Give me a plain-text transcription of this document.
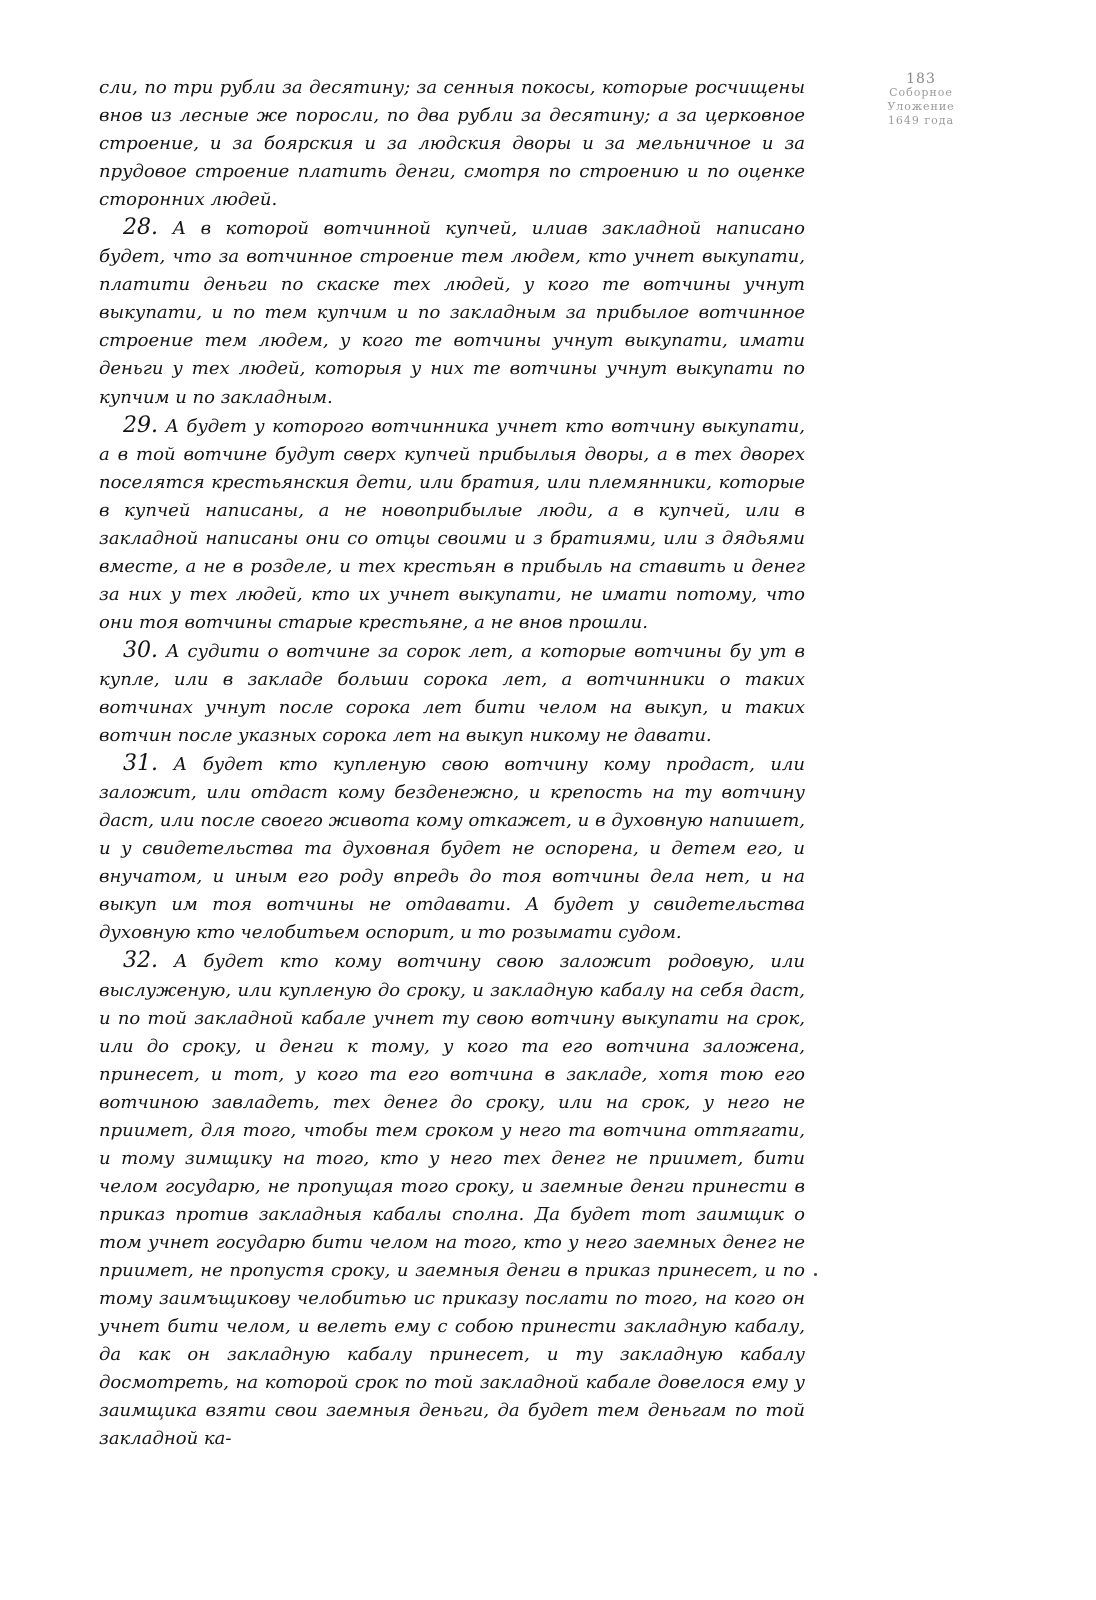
183
Соборное
Уложение
1649 года

сли, по три рубли за десятину; за сенныя покосы, которые росчищены внов из лесные же поросли, по два рубли за десятину; а за церковное строение, и за боярския и за людския дворы и за мельничное и за прудовое строение платить денги, смотря по строению и по оценке сторонних людей.

28. А в которой вотчинной купчей, илиав закладной написано будет, что за вотчинное строение тем людем, кто учнет выкупати, платити деньги по скаске тех людей, у кого те вотчины учнут выкупати, и по тем купчим и по закладным за прибылое вотчинное строение тем людем, у кого те вотчины учнут выкупати, имати деньги у тех людей, которыя у них те вотчины учнут выкупати по купчим и по закладным.

29. А будет у которого вотчинника учнет кто вотчину выкупати, а в той вотчине будут сверх купчей прибылыя дворы, а в тех дворех поселятся крестьянския дети, или братия, или племянники, которые в купчей написаны, а не новоприбылые люди, а в купчей, или в закладной написаны они со отцы своими и з братиями, или з дядьями вместе, а не в розделе, и тех крестьян в прибыль на ставить и денег за них у тех людей, кто их учнет выкупати, не имати потому, что они тоя вотчины старые крестьяне, а не внов прошли.

30. А судити о вотчине за сорок лет, а которые вотчины бу ут в купле, или в закладе больши сорока лет, а вотчинники о таких вотчинах учнут после сорока лет бити челом на выкуп, и таких вотчин после указных сорока лет на выкуп никому не давати.

31. А будет кто купленую свою вотчину кому продаст, или заложит, или отдаст кому безденежно, и крепость на ту вотчину даст, или после своего живота кому откажет, и в духовную напишет, и у свидетельства та духовная будет не оспорена, и детем его, и внучатом, и иным его роду впредь до тоя вотчины дела нет, и на выкуп им тоя вотчины не отдавати. А будет у свидетельства духовную кто челобитьем оспорит, и то розымати судом.

32. А будет кто кому вотчину свою заложит родовую, или выслуженую, или купленую до сроку, и закладную кабалу на себя даст, и по той закладной кабале учнет ту свою вотчину выкупати на срок, или до сроку, и денги к тому, у кого та его вотчина заложена, принесет, и тот, у кого та его вотчина в закладе, хотя тою его вотчиною завладеть, тех денег до сроку, или на срок, у него не приимет, для того, чтобы тем сроком у него та вотчина оттягати, и тому зимщику на того, кто у него тех денег не приимет, бити челом государю, не пропущая того сроку, и заемные денги принести в приказ против закладныя кабалы сполна. Да будет тот заимщик о том учнет государю бити челом на того, кто у него заемных денег не приимет, не пропустя сроку, и заемныя денги в приказ принесет, и по тому заимъщикову челобитью ис приказу послати по того, на кого он учнет бити челом, и велеть ему с собою принести закладную кабалу, да как он закладную кабалу принесет, и ту закладную кабалу досмотреть, на которой срок по той закладной кабале довелося ему у заимщика взяти свои заемныя деньги, да будет тем деньгам по той закладной ка-
